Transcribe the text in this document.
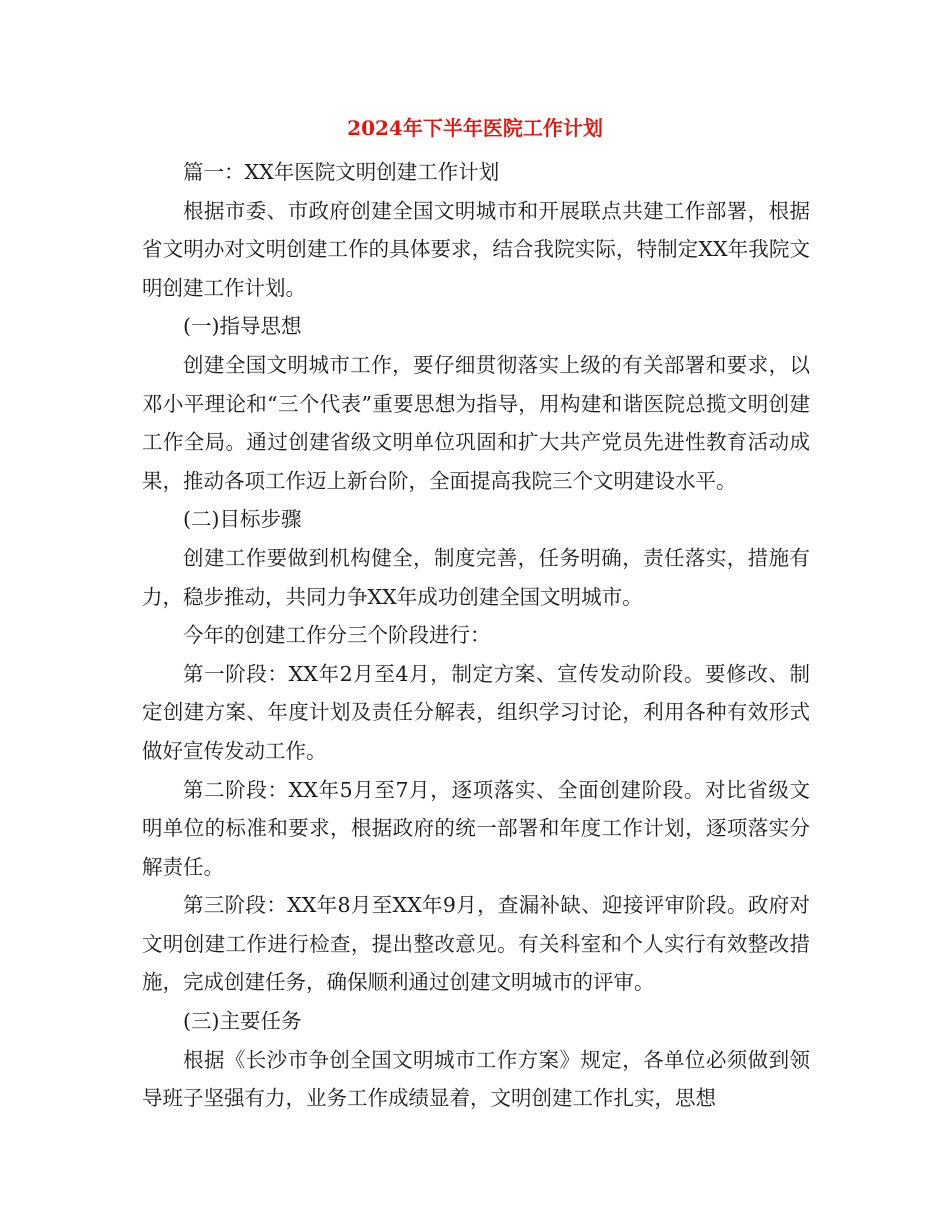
2024年下半年医院工作计划

篇一：XX年医院文明创建工作计划

根据市委、市政府创建全国文明城市和开展联点共建工作部署，根据省文明办对文明创建工作的具体要求，结合我院实际，特制定XX年我院文明创建工作计划。

(一)指导思想

创建全国文明城市工作，要仔细贯彻落实上级的有关部署和要求，以邓小平理论和“三个代表”重要思想为指导，用构建和谐医院总揽文明创建工作全局。通过创建省级文明单位巩固和扩大共产党员先进性教育活动成果，推动各项工作迈上新台阶，全面提高我院三个文明建设水平。

(二)目标步骤

创建工作要做到机构健全，制度完善，任务明确，责任落实，措施有力，稳步推动，共同力争XX年成功创建全国文明城市。

今年的创建工作分三个阶段进行：

第一阶段：XX年2月至4月，制定方案、宣传发动阶段。要修改、制定创建方案、年度计划及责任分解表，组织学习讨论，利用各种有效形式做好宣传发动工作。

第二阶段：XX年5月至7月，逐项落实、全面创建阶段。对比省级文明单位的标准和要求，根据政府的统一部署和年度工作计划，逐项落实分解责任。

第三阶段：XX年8月至XX年9月，查漏补缺、迎接评审阶段。政府对文明创建工作进行检查，提出整改意见。有关科室和个人实行有效整改措施，完成创建任务，确保顺利通过创建文明城市的评审。

(三)主要任务

根据《长沙市争创全国文明城市工作方案》规定，各单位必须做到领导班子坚强有力，业务工作成绩显着，文明创建工作扎实，思想
